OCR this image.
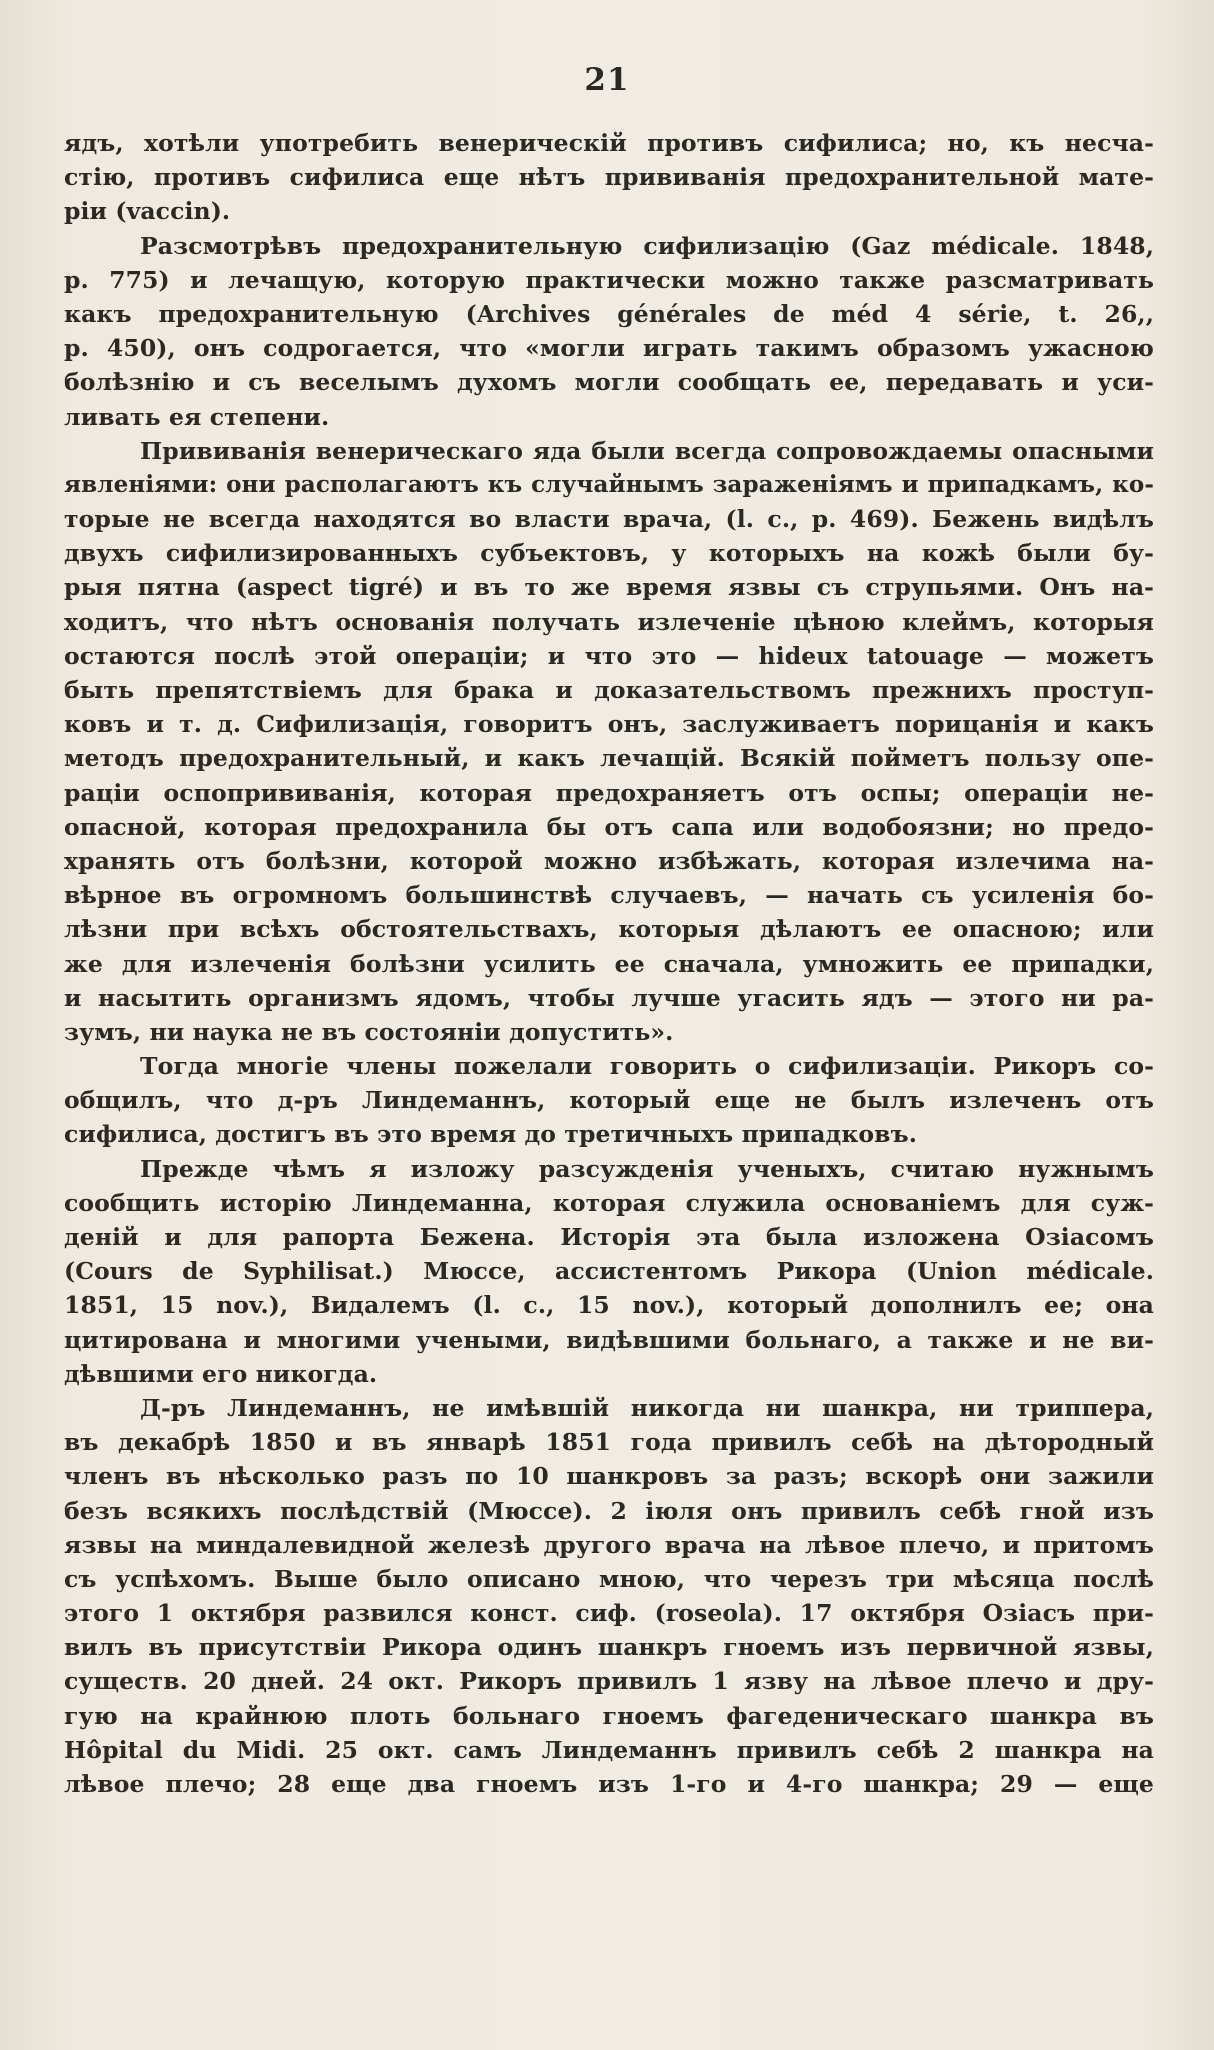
21
ядъ, хотѣли употребить венерическій противъ сифилиса; но, къ несча-
стію, противъ сифилиса еще нѣтъ прививанія предохранительной мате-
ріи (vaccin).
Разсмотрѣвъ предохранительную сифилизацію (Gaz médicale. 1848,
p. 775) и лечащую, которую практически можно также разсматривать
какъ предохранительную (Archives générales de méd 4 série, t. 26,,
p. 450), онъ содрогается, что «могли играть такимъ образомъ ужасною
болѣзнію и съ веселымъ духомъ могли сообщать ее, передавать и уси-
ливать ея степени.
Прививанія венерическаго яда были всегда сопровождаемы опасными
явленіями: они располагаютъ къ случайнымъ зараженіямъ и припадкамъ, ко-
торые не всегда находятся во власти врача, (l. c., p. 469). Бежень видѣлъ
двухъ сифилизированныхъ субъектовъ, у которыхъ на кожѣ были бу-
рыя пятна (aspect tigré) и въ то же время язвы съ струпьями. Онъ на-
ходитъ, что нѣтъ основанія получать излеченіе цѣною клеймъ, которыя
остаются послѣ этой операціи; и что это — hideux tatouage — можетъ
быть препятствіемъ для брака и доказательствомъ прежнихъ проступ-
ковъ и т. д. Сифилизація, говоритъ онъ, заслуживаетъ порицанія и какъ
методъ предохранительный, и какъ лечащій. Всякій пойметъ пользу опе-
раціи оспопрививанія, которая предохраняетъ отъ оспы; операціи не-
опасной, которая предохранила бы отъ сапа или водобоязни; но предо-
хранять отъ болѣзни, которой можно избѣжать, которая излечима на-
вѣрное въ огромномъ большинствѣ случаевъ, — начать съ усиленія бо-
лѣзни при всѣхъ обстоятельствахъ, которыя дѣлаютъ ее опасною; или
же для излеченія болѣзни усилить ее сначала, умножить ее припадки,
и насытить организмъ ядомъ, чтобы лучше угасить ядъ — этого ни ра-
зумъ, ни наука не въ состояніи допустить».
Тогда многіе члены пожелали говорить о сифилизаціи. Рикоръ со-
общилъ, что д-ръ Линдеманнъ, который еще не былъ излеченъ отъ
сифилиса, достигъ въ это время до третичныхъ припадковъ.
Прежде чѣмъ я изложу разсужденія ученыхъ, считаю нужнымъ
сообщить исторію Линдеманна, которая служила основаніемъ для суж-
деній и для рапорта Бежена. Исторія эта была изложена Озіасомъ
(Cours de Syphilisat.) Мюссе, ассистентомъ Рикора (Union médicale.
1851, 15 nov.), Видалемъ (l. c., 15 nov.), который дополнилъ ее; она
цитирована и многими учеными, видѣвшими больнаго, а также и не ви-
дѣвшими его никогда.
Д-ръ Линдеманнъ, не имѣвшій никогда ни шанкра, ни триппера,
въ декабрѣ 1850 и въ январѣ 1851 года привилъ себѣ на дѣтородный
членъ въ нѣсколько разъ по 10 шанкровъ за разъ; вскорѣ они зажили
безъ всякихъ послѣдствій (Мюссе). 2 іюля онъ привилъ себѣ гной изъ
язвы на миндалевидной железѣ другого врача на лѣвое плечо, и притомъ
съ успѣхомъ. Выше было описано мною, что черезъ три мѣсяца послѣ
этого 1 октября развился конст. сиф. (roseola). 17 октября Озіасъ при-
вилъ въ присутствіи Рикора одинъ шанкръ гноемъ изъ первичной язвы,
существ. 20 дней. 24 окт. Рикоръ привилъ 1 язву на лѣвое плечо и дру-
гую на крайнюю плоть больнаго гноемъ фагеденическаго шанкра въ
Hôpital du Midi. 25 окт. самъ Линдеманнъ привилъ себѣ 2 шанкра на
лѣвое плечо; 28 еще два гноемъ изъ 1-го и 4-го шанкра; 29 — еще
